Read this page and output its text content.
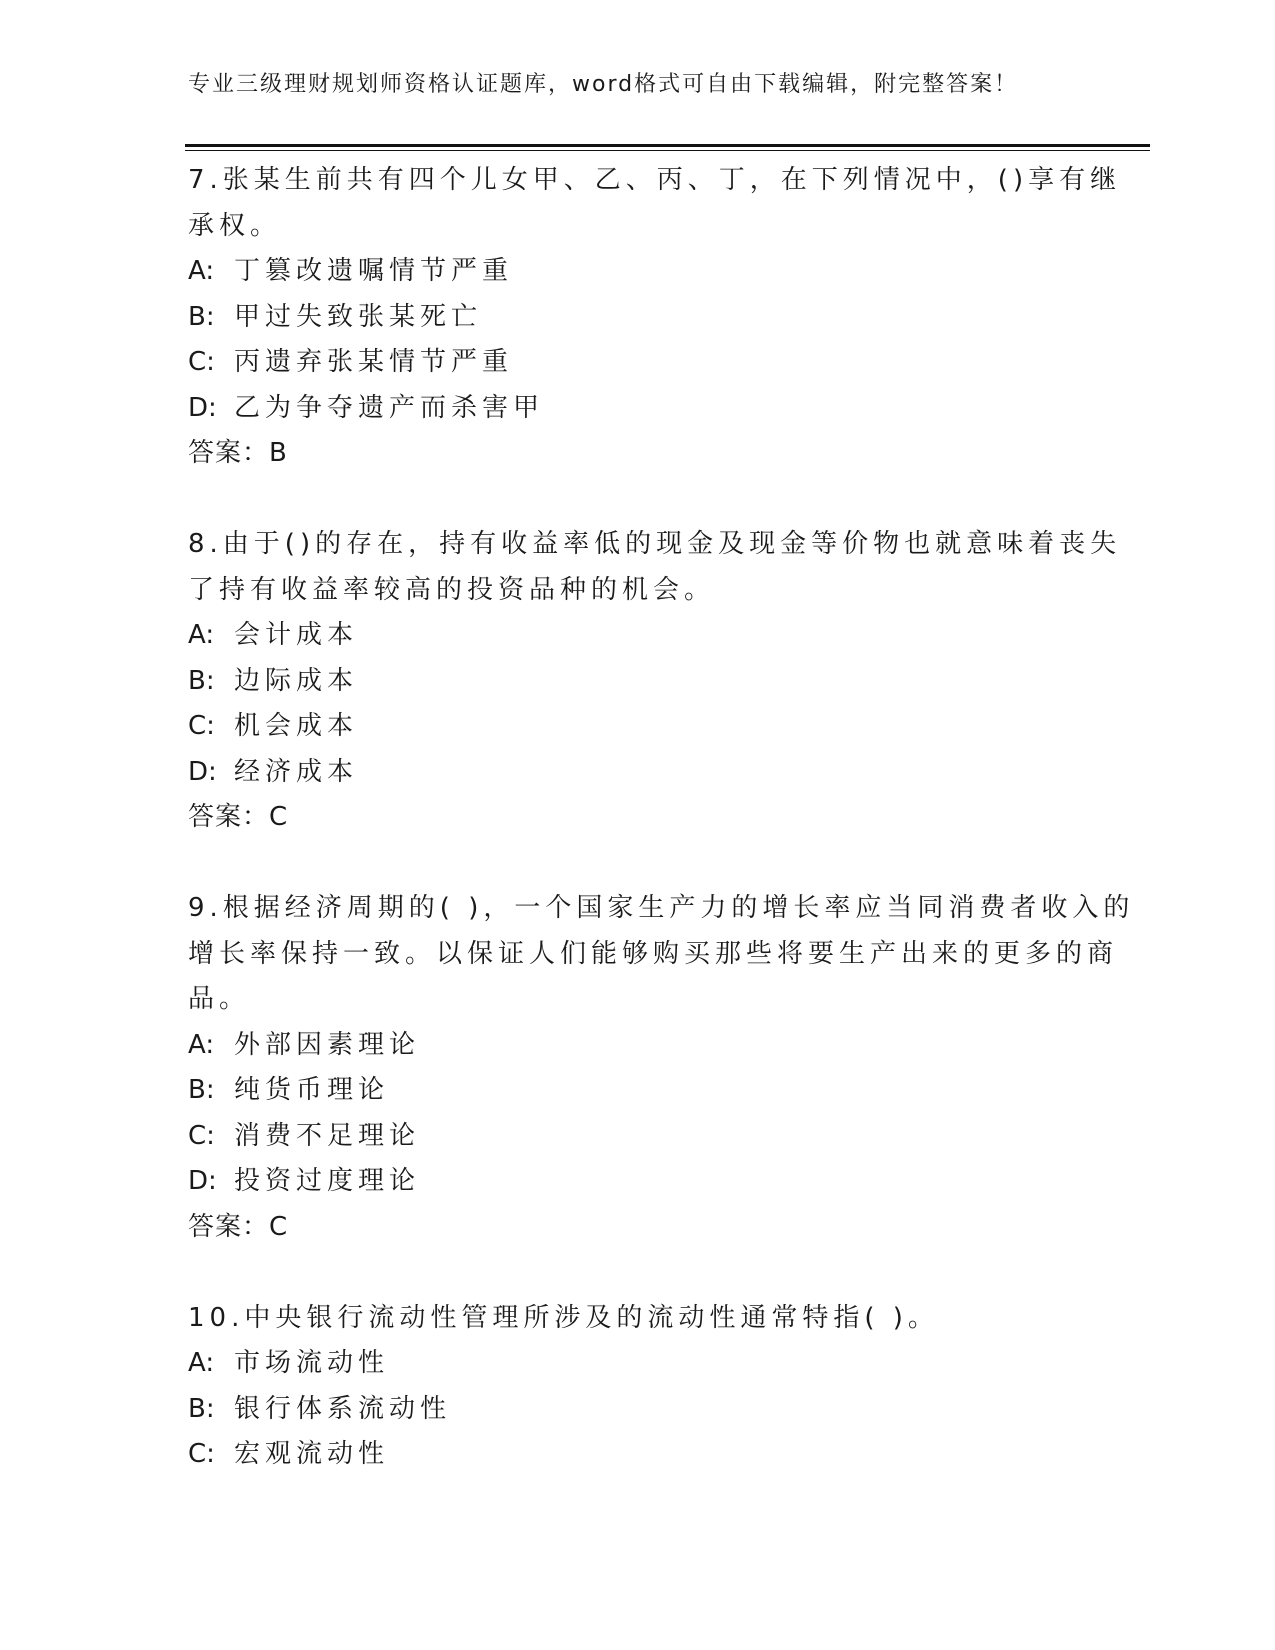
专业三级理财规划师资格认证题库，word格式可自由下载编辑，附完整答案！
7.张某生前共有四个儿女甲、乙、丙、丁，在下列情况中，()享有继
承权。
A: 丁篡改遗嘱情节严重
B: 甲过失致张某死亡
C: 丙遗弃张某情节严重
D: 乙为争夺遗产而杀害甲
答案：B
8.由于()的存在，持有收益率低的现金及现金等价物也就意味着丧失
了持有收益率较高的投资品种的机会。
A: 会计成本
B: 边际成本
C: 机会成本
D: 经济成本
答案：C
9.根据经济周期的( )，一个国家生产力的增长率应当同消费者收入的
增长率保持一致。以保证人们能够购买那些将要生产出来的更多的商
品。
A: 外部因素理论
B: 纯货币理论
C: 消费不足理论
D: 投资过度理论
答案：C
10.中央银行流动性管理所涉及的流动性通常特指( )。
A: 市场流动性
B: 银行体系流动性
C: 宏观流动性
